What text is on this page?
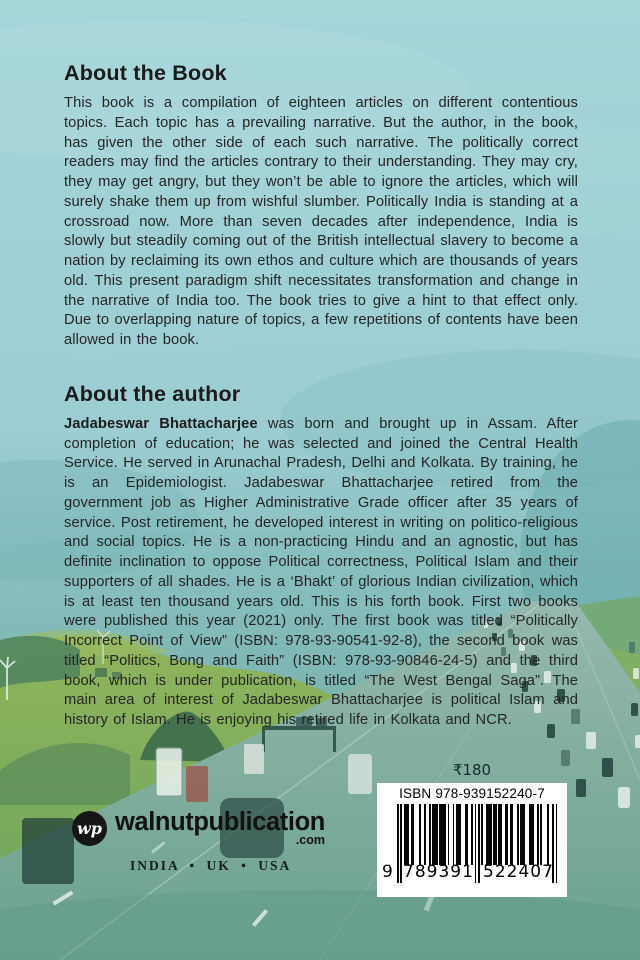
About the Book

This book is a compilation of eighteen articles on different contentious topics. Each topic has a prevailing narrative. But the author, in the book, has given the other side of each such narrative. The politically correct readers may find the articles contrary to their understanding. They may cry, they may get angry, but they won’t be able to ignore the articles, which will surely shake them up from wishful slumber. Politically India is standing at a crossroad now. More than seven decades after independence, India is slowly but steadily coming out of the British intellectual slavery to become a nation by reclaiming its own ethos and culture which are thousands of years old. This present paradigm shift necessitates transformation and change in the narrative of India too. The book tries to give a hint to that effect only. Due to overlapping nature of topics, a few repetitions of contents have been allowed in the book.

About the author

Jadabeswar Bhattacharjee was born and brought up in Assam. After completion of education; he was selected and joined the Central Health Service. He served in Arunachal Pradesh, Delhi and Kolkata. By training, he is an Epidemiologist. Jadabeswar Bhattacharjee retired from the government job as Higher Administrative Grade officer after 35 years of service. Post retirement, he developed interest in writing on politico-religious and social topics. He is a non-practicing Hindu and an agnostic, but has definite inclination to oppose Political correctness, Political Islam and their supporters of all shades. He is a ‘Bhakt’ of glorious Indian civilization, which is at least ten thousand years old. This is his forth book. First two books were published this year (2021) only. The first book was titled “Politically Incorrect Point of View” (ISBN: 978-93-90541-92-8), the second book was titled “Politics, Bong and Faith” (ISBN: 978-93-90846-24-5) and the third book, which is under publication, is titled “The West Bengal Saga”. The main area of interest of Jadabeswar Bhattacharjee is political Islam and history of Islam. He is enjoying his retired life in Kolkata and NCR.

₹180
ISBN 978-939152240-7
9 789391 522407
wp walnutpublication
.com
INDIA • UK • USA
